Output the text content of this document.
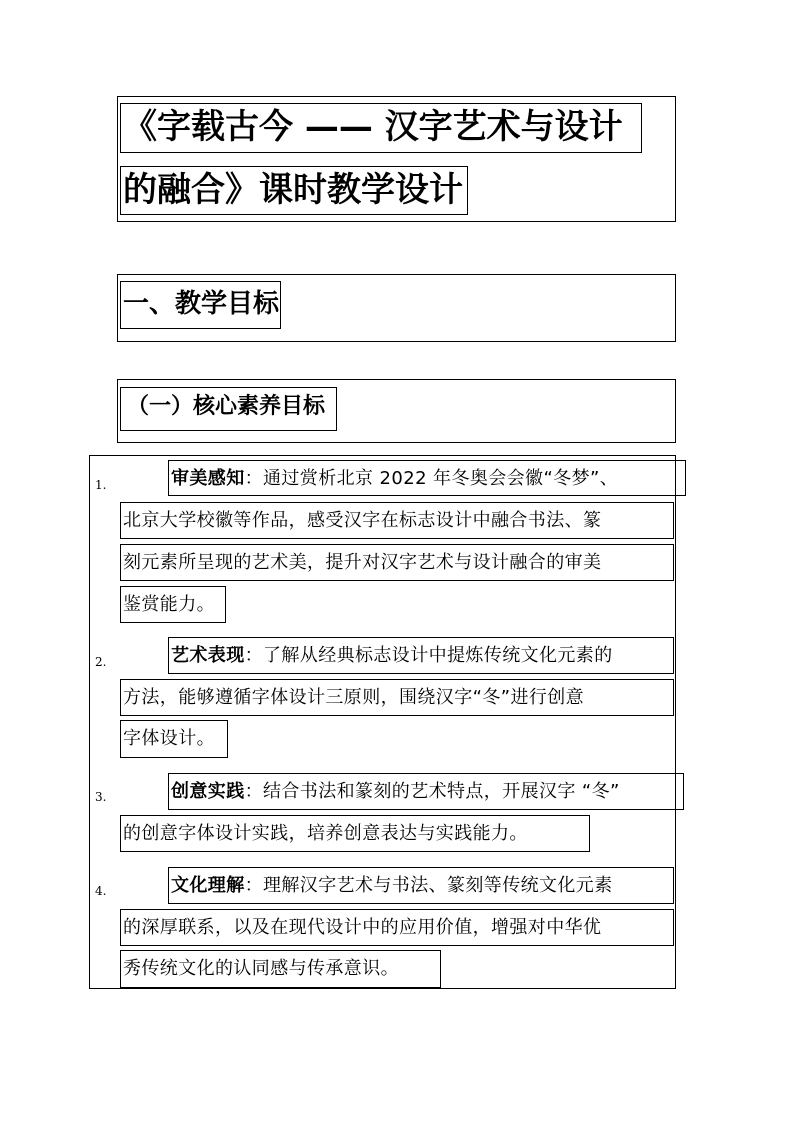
《字载古今 —— 汉字艺术与设计
的融合》课时教学设计
一、教学目标
（一）核心素养目标
1.	审美感知：通过赏析北京 2022 年冬奥会会徽“冬梦”、
北京大学校徽等作品，感受汉字在标志设计中融合书法、篆
刻元素所呈现的艺术美，提升对汉字艺术与设计融合的审美
鉴赏能力。
2.	艺术表现：了解从经典标志设计中提炼传统文化元素的
方法，能够遵循字体设计三原则，围绕汉字“冬”进行创意
字体设计。
3.	创意实践：结合书法和篆刻的艺术特点，开展汉字 “冬”
的创意字体设计实践，培养创意表达与实践能力。
4.	文化理解：理解汉字艺术与书法、篆刻等传统文化元素
的深厚联系，以及在现代设计中的应用价值，增强对中华优
秀传统文化的认同感与传承意识。
